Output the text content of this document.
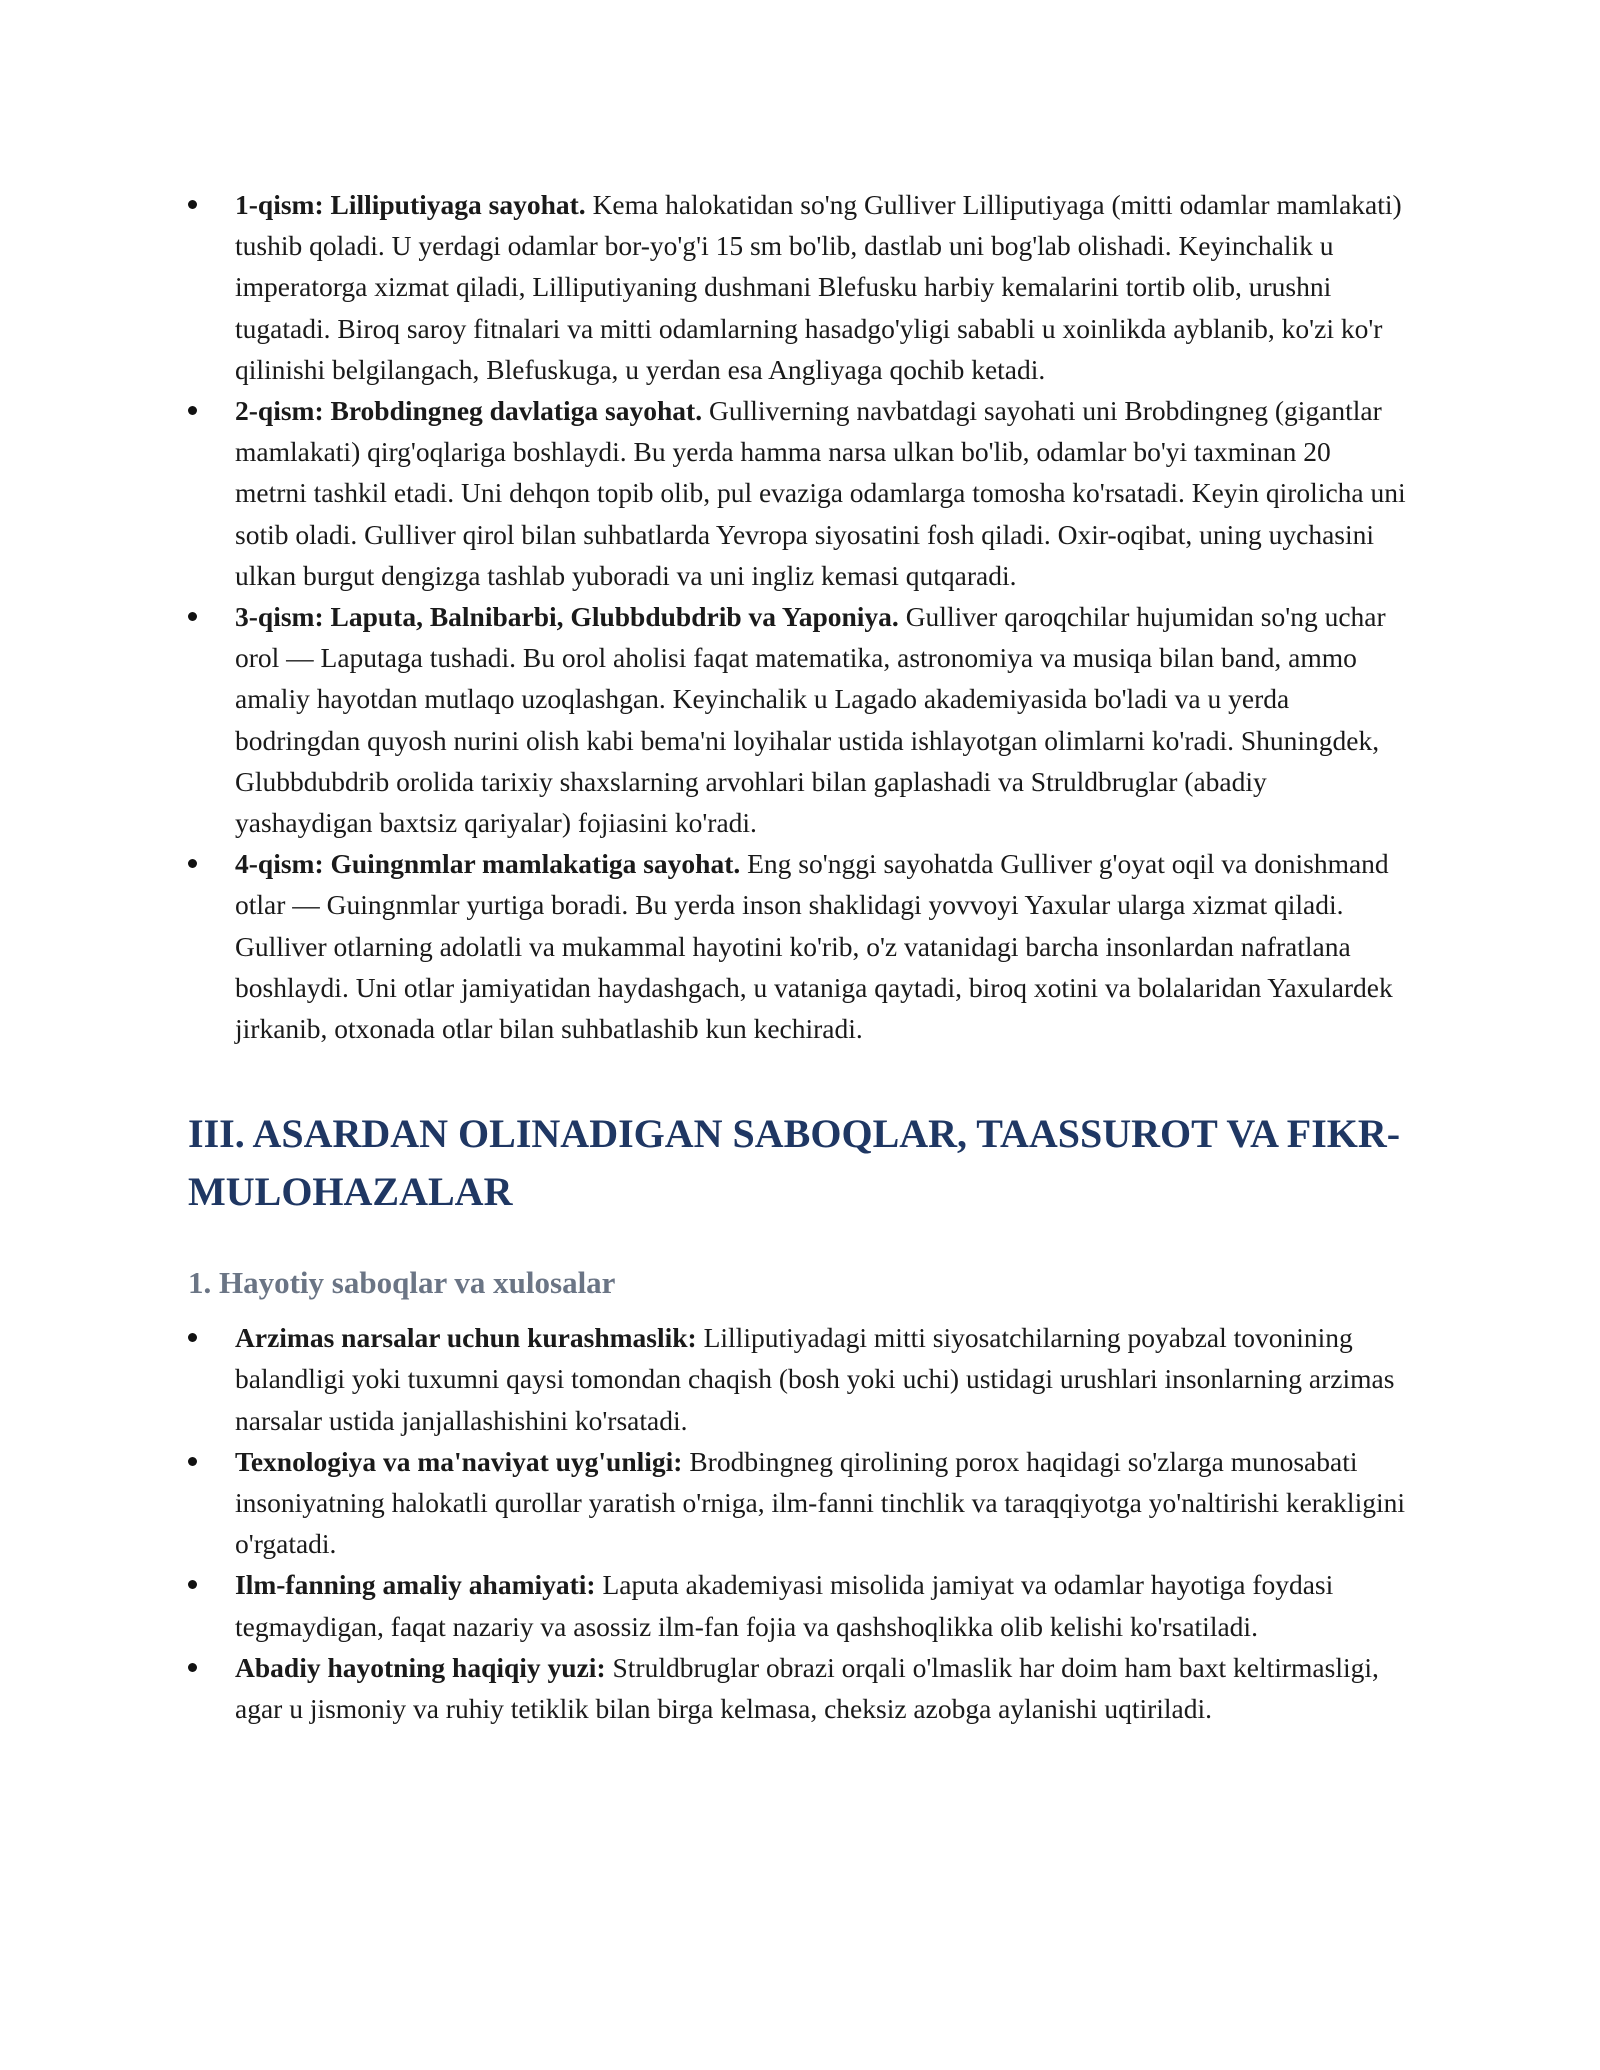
1-qism: Lilliputiyaga sayohat. Kema halokatidan so'ng Gulliver Lilliputiyaga (mitti odamlar mamlakati) tushib qoladi. U yerdagi odamlar bor-yo'g'i 15 sm bo'lib, dastlab uni bog'lab olishadi. Keyinchalik u imperatorga xizmat qiladi, Lilliputiyaning dushmani Blefusku harbiy kemalarini tortib olib, urushni tugatadi. Biroq saroy fitnalari va mitti odamlarning hasadgo'yligi sababli u xoinlikda ayblanib, ko'zi ko'r qilinishi belgilangach, Blefuskuga, u yerdan esa Angliyaga qochib ketadi.
2-qism: Brobdingneg davlatiga sayohat. Gulliverning navbatdagi sayohati uni Brobdingneg (gigantlar mamlakati) qirg'oqlariga boshlaydi. Bu yerda hamma narsa ulkan bo'lib, odamlar bo'yi taxminan 20 metrni tashkil etadi. Uni dehqon topib olib, pul evaziga odamlarga tomosha ko'rsatadi. Keyin qirolicha uni sotib oladi. Gulliver qirol bilan suhbatlarda Yevropa siyosatini fosh qiladi. Oxir-oqibat, uning uychasini ulkan burgut dengizga tashlab yuboradi va uni ingliz kemasi qutqaradi.
3-qism: Laputa, Balnibarbi, Glubbdubdrib va Yaponiya. Gulliver qaroqchilar hujumidan so'ng uchar orol — Laputaga tushadi. Bu orol aholisi faqat matematika, astronomiya va musiqa bilan band, ammo amaliy hayotdan mutlaqo uzoqlashgan. Keyinchalik u Lagado akademiyasida bo'ladi va u yerda bodringdan quyosh nurini olish kabi bema'ni loyihalar ustida ishlayotgan olimlarni ko'radi. Shuningdek, Glubbdubdrib orolida tarixiy shaxslarning arvohlari bilan gaplashadi va Struldbruglar (abadiy yashaydigan baxtsiz qariyalar) fojiasini ko'radi.
4-qism: Guingnmlar mamlakatiga sayohat. Eng so'nggi sayohatda Gulliver g'oyat oqil va donishmand otlar — Guingnmlar yurtiga boradi. Bu yerda inson shaklidagi yovvoyi Yaxular ularga xizmat qiladi. Gulliver otlarning adolatli va mukammal hayotini ko'rib, o'z vatanidagi barcha insonlardan nafratlana boshlaydi. Uni otlar jamiyatidan haydashgach, u vataniga qaytadi, biroq xotini va bolalaridan Yaxulardek jirkanib, otxonada otlar bilan suhbatlashib kun kechiradi.
III. ASARDAN OLINADIGAN SABOQLAR, TAASSUROT VA FIKR-MULOHAZALAR
1. Hayotiy saboqlar va xulosalar
Arzimas narsalar uchun kurashmaslik: Lilliputiyadagi mitti siyosatchilarning poyabzal tovonining balandligi yoki tuxumni qaysi tomondan chaqish (bosh yoki uchi) ustidagi urushlari insonlarning arzimas narsalar ustida janjallashishini ko'rsatadi.
Texnologiya va ma'naviyat uyg'unligi: Brodbingneg qirolining porox haqidagi so'zlarga munosabati insoniyatning halokatli qurollar yaratish o'rniga, ilm-fanni tinchlik va taraqqiyotga yo'naltirishi kerakligini o'rgatadi.
Ilm-fanning amaliy ahamiyati: Laputa akademiyasi misolida jamiyat va odamlar hayotiga foydasi tegmaydigan, faqat nazariy va asossiz ilm-fan fojia va qashshoqlikka olib kelishi ko'rsatiladi.
Abadiy hayotning haqiqiy yuzi: Struldbruglar obrazi orqali o'lmaslik har doim ham baxt keltirmasligi, agar u jismoniy va ruhiy tetiklik bilan birga kelmasa, cheksiz azobga aylanishi uqtiriladi.
